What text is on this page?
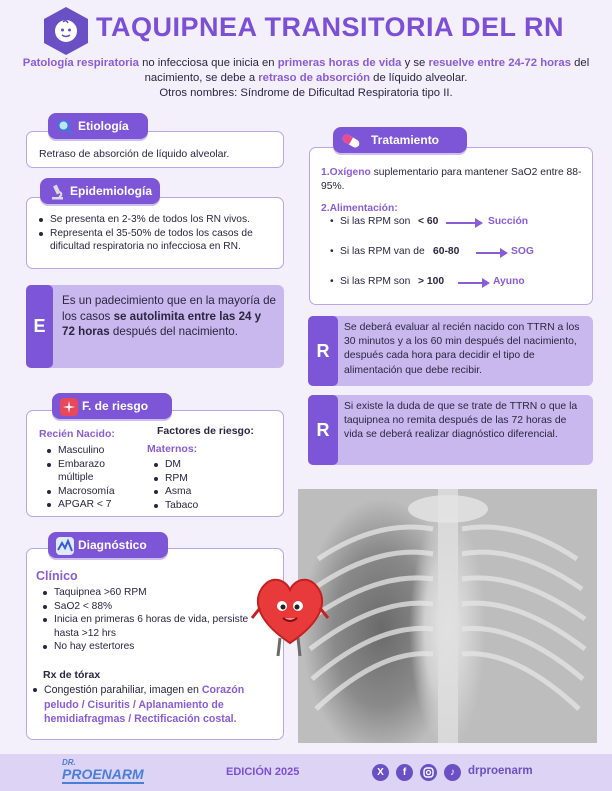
TAQUIPNEA TRANSITORIA DEL RN
Patología respiratoria no infecciosa que inicia en primeras horas de vida y se resuelve entre 24-72 horas del nacimiento, se debe a retraso de absorción de líquido alveolar.
Otros nombres: Síndrome de Dificultad Respiratoria tipo II.
Retraso de absorción de líquido alveolar.
Etiología
Se presenta en 2-3% de todos los RN vivos.
Representa el 35-50% de todos los casos de dificultad respiratoria no infecciosa en RN.
Epidemiología
E
Es un padecimiento que en la mayoría de los casos se autolimita entre las 24 y 72 horas después del nacimiento.
Recién Nacido:
Masculino
Embarazo múltiple
Macrosomía
APGAR < 7
Factores de riesgo:
Maternos:
DM
RPM
Asma
Tabaco
F. de riesgo
Clínico
Taquipnea >60 RPM
SaO2 < 88%
Inicia en primeras 6 horas de vida, persiste hasta >12 hrs
No hay estertores
Rx de tórax
Congestión parahiliar, imagen en Corazón peludo / Cisuritis / Aplanamiento de hemidiafragmas / Rectificación costal.
Diagnóstico
1.Oxígeno suplementario para mantener SaO2 entre 88-95%.
2.Alimentación:
• Si las RPM son < 60	Succión
• Si las RPM van de 60-80	SOG
• Si las RPM son > 100	Ayuno
Tratamiento
R
Se deberá evaluar al recién nacido con TTRN a los 30 minutos y a los 60 min después del nacimiento, después cada hora para decidir el tipo de alimentación que debe recibir.
R
Si existe la duda de que se trate de TTRN o que la taquipnea no remita después de las 72 horas de vida se deberá realizar diagnóstico diferencial.
DR.
PROENARM	EDICIÓN 2025	X	f	♪	drproenarm
